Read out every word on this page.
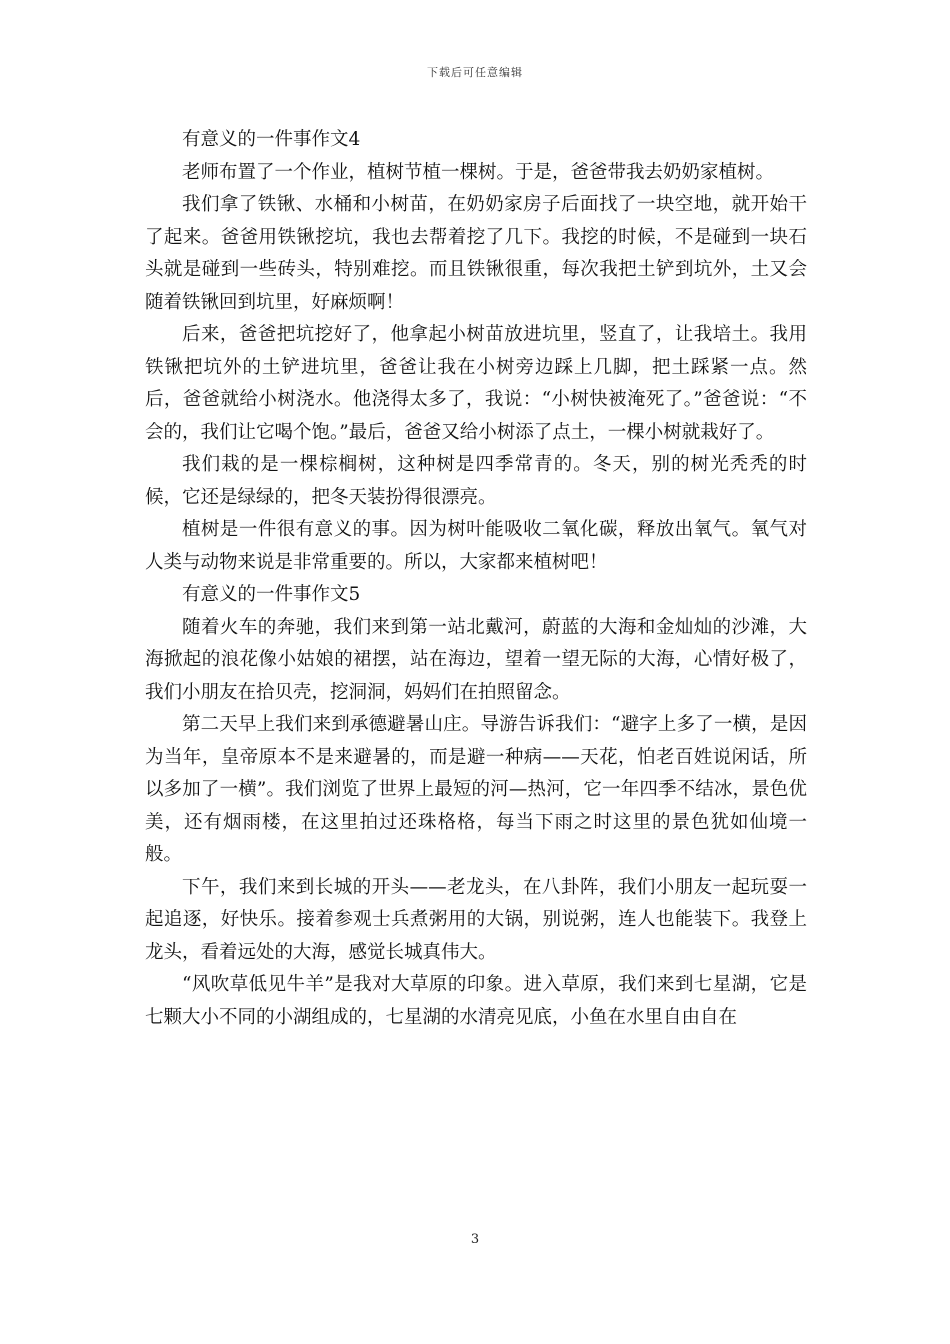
下载后可任意编辑

有意义的一件事作文4

老师布置了一个作业，植树节植一棵树。于是，爸爸带我去奶奶家植树。

我们拿了铁锹、水桶和小树苗，在奶奶家房子后面找了一块空地，就开始干了起来。爸爸用铁锹挖坑，我也去帮着挖了几下。我挖的时候，不是碰到一块石头就是碰到一些砖头，特别难挖。而且铁锹很重，每次我把土铲到坑外，土又会随着铁锹回到坑里，好麻烦啊！

后来，爸爸把坑挖好了，他拿起小树苗放进坑里，竖直了，让我培土。我用铁锹把坑外的土铲进坑里，爸爸让我在小树旁边踩上几脚，把土踩紧一点。然后，爸爸就给小树浇水。他浇得太多了，我说：“小树快被淹死了。”爸爸说：“不会的，我们让它喝个饱。”最后，爸爸又给小树添了点土，一棵小树就栽好了。

我们栽的是一棵棕榈树，这种树是四季常青的。冬天，别的树光秃秃的时候，它还是绿绿的，把冬天装扮得很漂亮。

植树是一件很有意义的事。因为树叶能吸收二氧化碳，释放出氧气。氧气对人类与动物来说是非常重要的。所以，大家都来植树吧！

有意义的一件事作文5

随着火车的奔驰，我们来到第一站北戴河，蔚蓝的大海和金灿灿的沙滩，大海掀起的浪花像小姑娘的裙摆，站在海边，望着一望无际的大海，心情好极了，我们小朋友在拾贝壳，挖洞洞，妈妈们在拍照留念。

第二天早上我们来到承德避暑山庄。导游告诉我们：“避字上多了一横，是因为当年，皇帝原本不是来避暑的，而是避一种病——天花，怕老百姓说闲话，所以多加了一横”。我们浏览了世界上最短的河—热河，它一年四季不结冰，景色优美，还有烟雨楼，在这里拍过还珠格格，每当下雨之时这里的景色犹如仙境一般。

下午，我们来到长城的开头——老龙头，在八卦阵，我们小朋友一起玩耍一起追逐，好快乐。接着参观士兵煮粥用的大锅，别说粥，连人也能装下。我登上龙头，看着远处的大海，感觉长城真伟大。

“风吹草低见牛羊”是我对大草原的印象。进入草原，我们来到七星湖，它是七颗大小不同的小湖组成的，七星湖的水清亮见底，小鱼在水里自由自在

3
